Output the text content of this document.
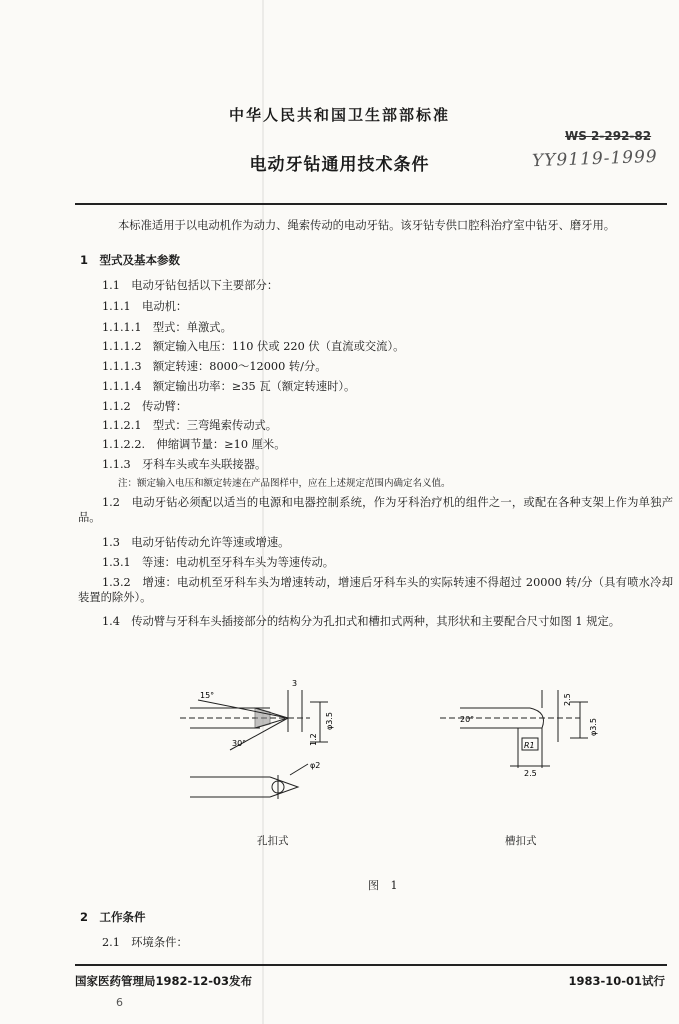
中华人民共和国卫生部部标准
WS 2-292-82
YY9119-1999
电动牙钻通用技术条件
本标准适用于以电动机作为动力、绳索传动的电动牙钻。该牙钻专供口腔科治疗室中钻牙、磨牙用。
1　型式及基本参数
1.1　电动牙钻包括以下主要部分：
1.1.1　电动机：
1.1.1.1　型式：单激式。
1.1.1.2　额定输入电压：110 伏或 220 伏（直流或交流）。
1.1.1.3　额定转速：8000～12000 转/分。
1.1.1.4　额定输出功率：≥35 瓦（额定转速时）。
1.1.2　传动臂：
1.1.2.1　型式：三弯绳索传动式。
1.1.2.2.　伸缩调节量：≥10 厘米。
1.1.3　牙科车头或车头联接器。
注：额定输入电压和额定转速在产品图样中，应在上述规定范围内确定名义值。
1.2　电动牙钻必须配以适当的电源和电器控制系统，作为牙科治疗机的组件之一，或配在各种支架上作为单独产品。
1.3　电动牙钻传动允许等速或增速。
1.3.1　等速：电动机至牙科车头为等速传动。
1.3.2　增速：电动机至牙科车头为增速转动，增速后牙科车头的实际转速不得超过 20000 转/分（具有喷水冷却装置的除外）。
1.4　传动臂与牙科车头插接部分的结构分为孔扣式和槽扣式两种，其形状和主要配合尺寸如图 1 规定。
15°
3
30°
φ3.5
1.2
φ2
20°
2.5
φ3.5
R1
2.5
孔扣式	槽扣式
图 1
2　工作条件
2.1　环境条件：
国家医药管理局1982-12-03发布	1983-10-01试行
6
